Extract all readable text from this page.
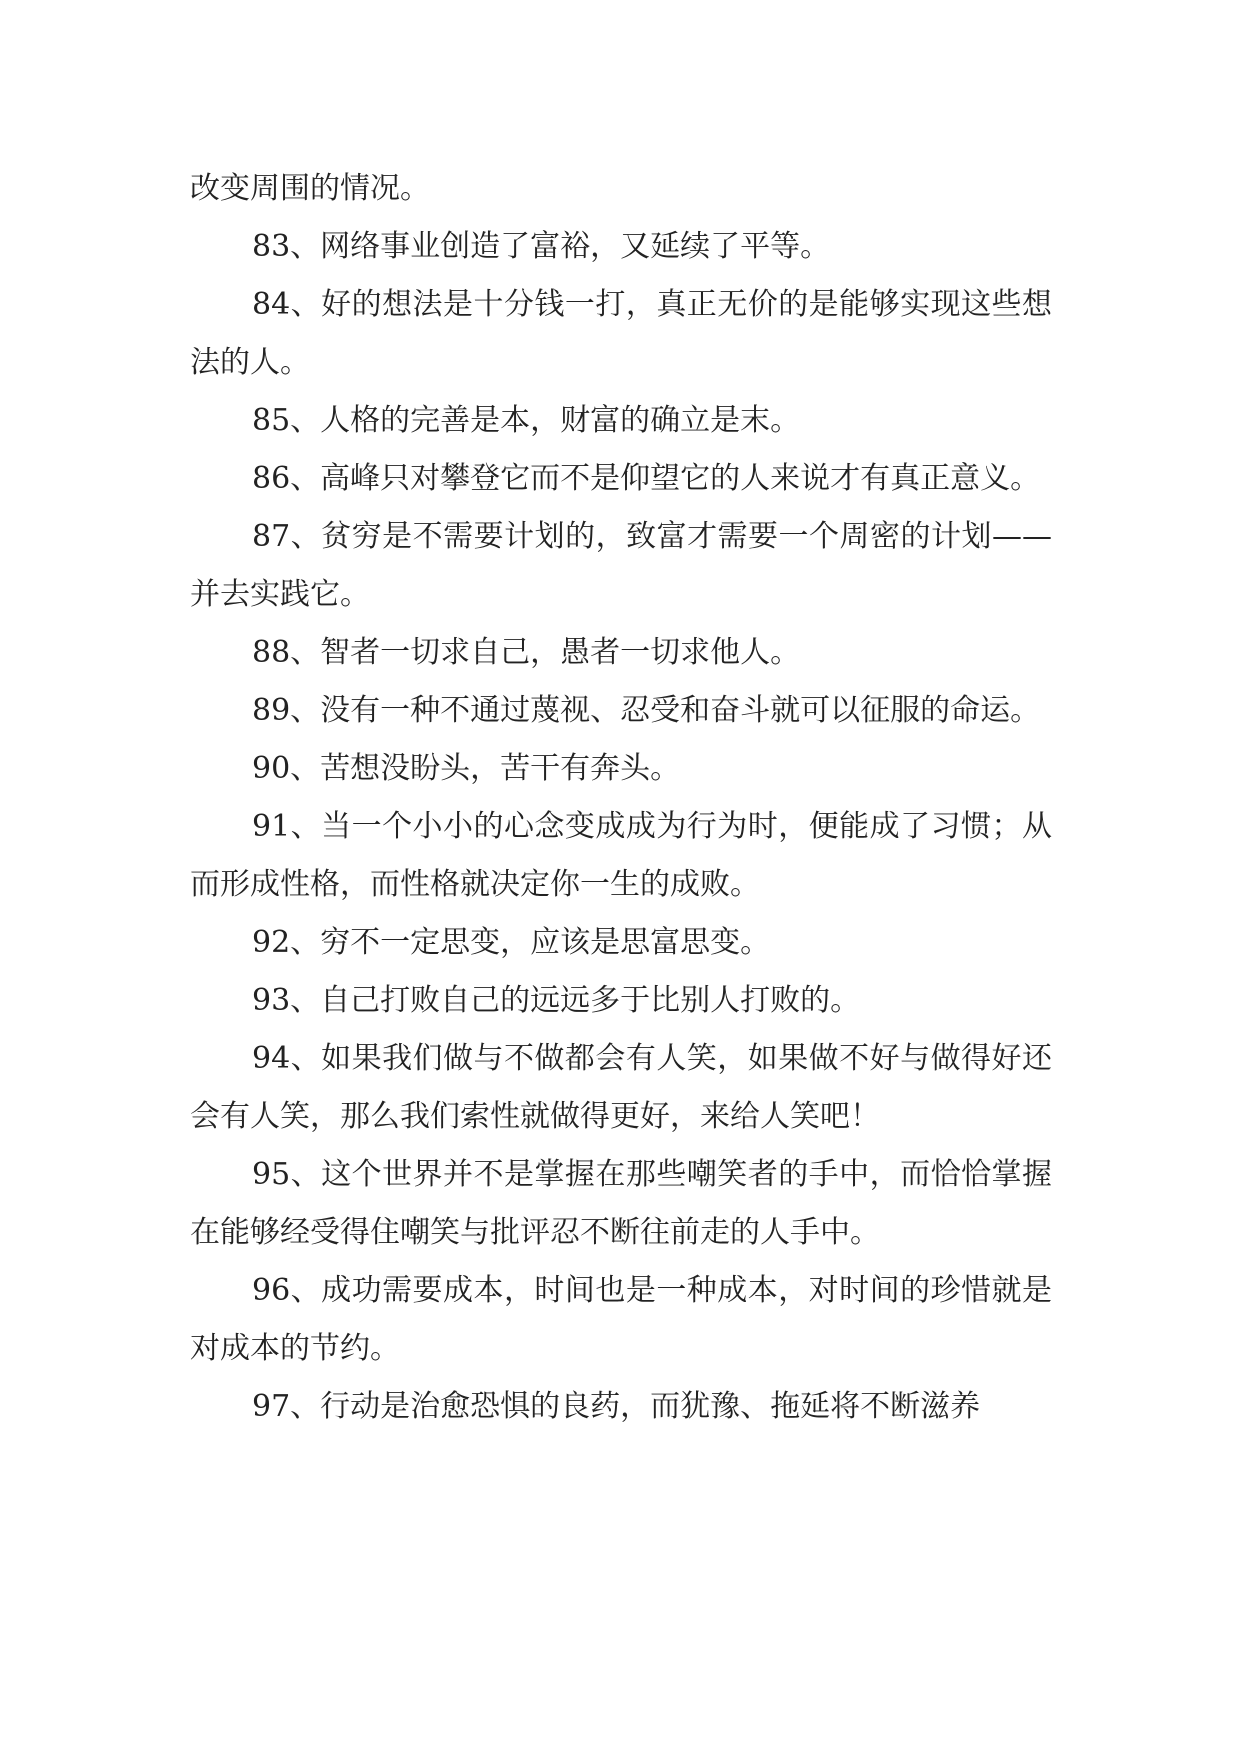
改变周围的情况。

83、网络事业创造了富裕，又延续了平等。

84、好的想法是十分钱一打，真正无价的是能够实现这些想法的人。

85、人格的完善是本，财富的确立是末。

86、高峰只对攀登它而不是仰望它的人来说才有真正意义。

87、贫穷是不需要计划的，致富才需要一个周密的计划——并去实践它。

88、智者一切求自己，愚者一切求他人。

89、没有一种不通过蔑视、忍受和奋斗就可以征服的命运。

90、苦想没盼头，苦干有奔头。

91、当一个小小的心念变成成为行为时，便能成了习惯；从而形成性格，而性格就决定你一生的成败。

92、穷不一定思变，应该是思富思变。

93、自己打败自己的远远多于比别人打败的。

94、如果我们做与不做都会有人笑，如果做不好与做得好还会有人笑，那么我们索性就做得更好，来给人笑吧！

95、这个世界并不是掌握在那些嘲笑者的手中，而恰恰掌握在能够经受得住嘲笑与批评忍不断往前走的人手中。

96、成功需要成本，时间也是一种成本，对时间的珍惜就是对成本的节约。

97、行动是治愈恐惧的良药，而犹豫、拖延将不断滋养
